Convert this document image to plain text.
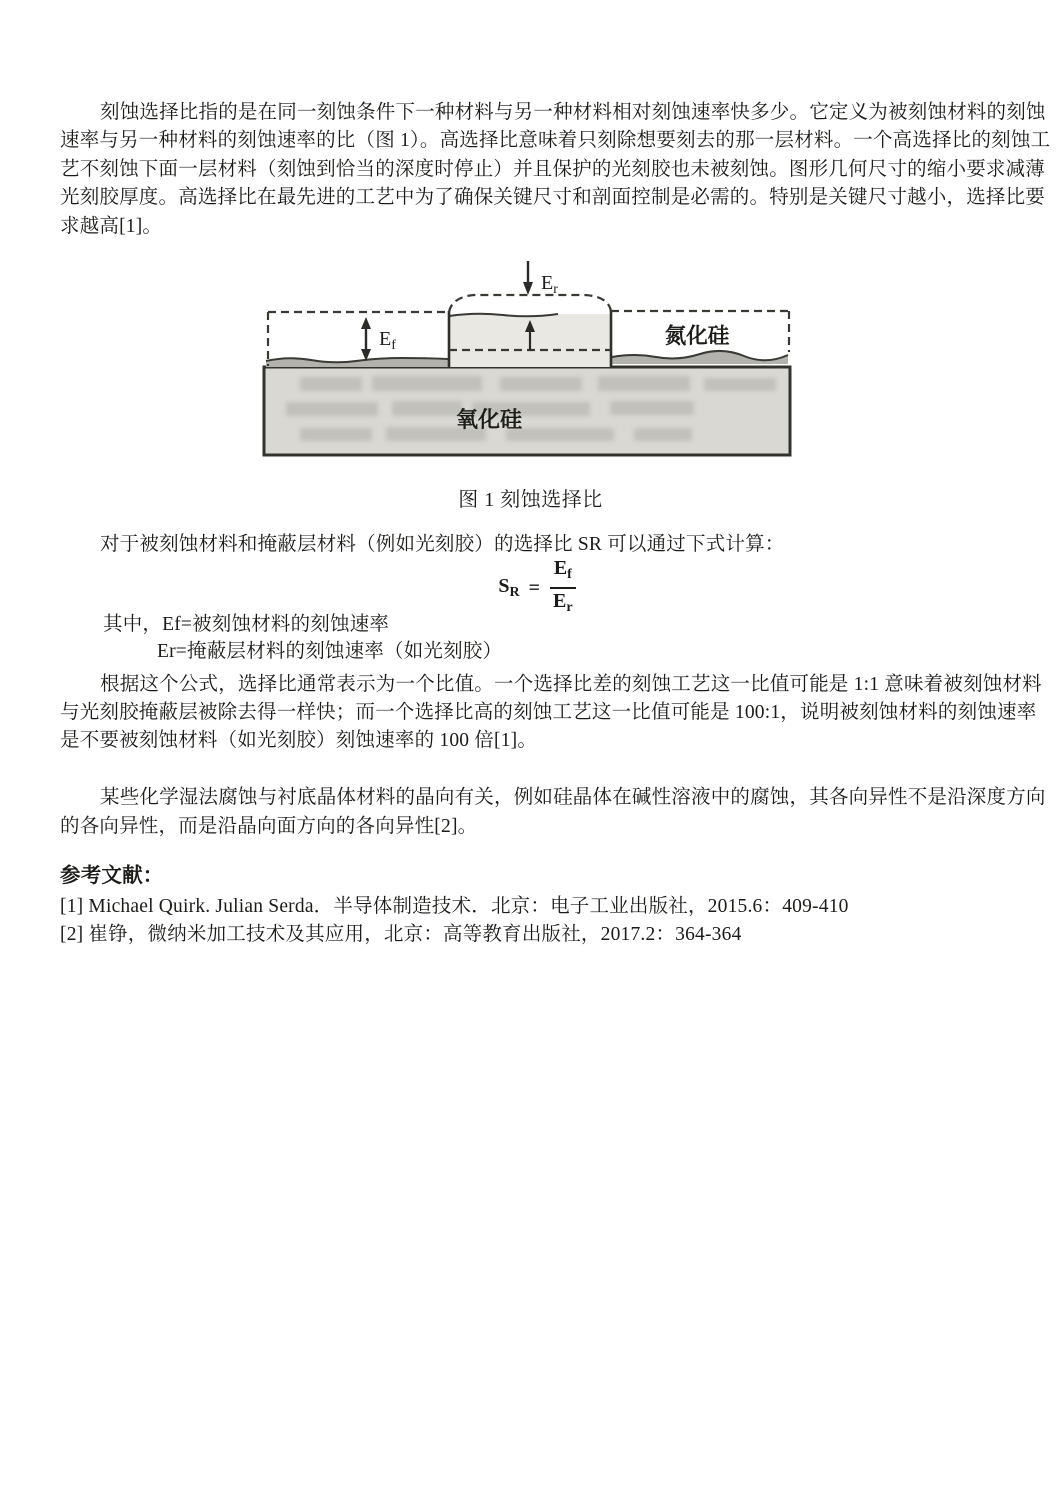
刻蚀选择比指的是在同一刻蚀条件下一种材料与另一种材料相对刻蚀速率快多少。它定义为被刻蚀材料的刻蚀
速率与另一种材料的刻蚀速率的比（图 1）。高选择比意味着只刻除想要刻去的那一层材料。一个高选择比的刻蚀工
艺不刻蚀下面一层材料（刻蚀到恰当的深度时停止）并且保护的光刻胶也未被刻蚀。图形几何尺寸的缩小要求减薄
光刻胶厚度。高选择比在最先进的工艺中为了确保关键尺寸和剖面控制是必需的。特别是关键尺寸越小，选择比要
求越高[1]。
$E_r$
$E_f$	氮化硅
氧化硅
图 1 刻蚀选择比
对于被刻蚀材料和掩蔽层材料（例如光刻胶）的选择比 SR 可以通过下式计算：
$S_R = \frac{E_f}{E_r}$
其中，Ef=被刻蚀材料的刻蚀速率
Er=掩蔽层材料的刻蚀速率（如光刻胶）
根据这个公式，选择比通常表示为一个比值。一个选择比差的刻蚀工艺这一比值可能是 1:1 意味着被刻蚀材料
与光刻胶掩蔽层被除去得一样快；而一个选择比高的刻蚀工艺这一比值可能是 100:1，说明被刻蚀材料的刻蚀速率
是不要被刻蚀材料（如光刻胶）刻蚀速率的 100 倍[1]。
某些化学湿法腐蚀与衬底晶体材料的晶向有关，例如硅晶体在碱性溶液中的腐蚀，其各向异性不是沿深度方向
的各向异性，而是沿晶向面方向的各向异性[2]。
参考文献：
[1] Michael Quirk. Julian Serda．半导体制造技术．北京：电子工业出版社，2015.6：409-410
[2] 崔铮，微纳米加工技术及其应用，北京：高等教育出版社，2017.2：364-364
